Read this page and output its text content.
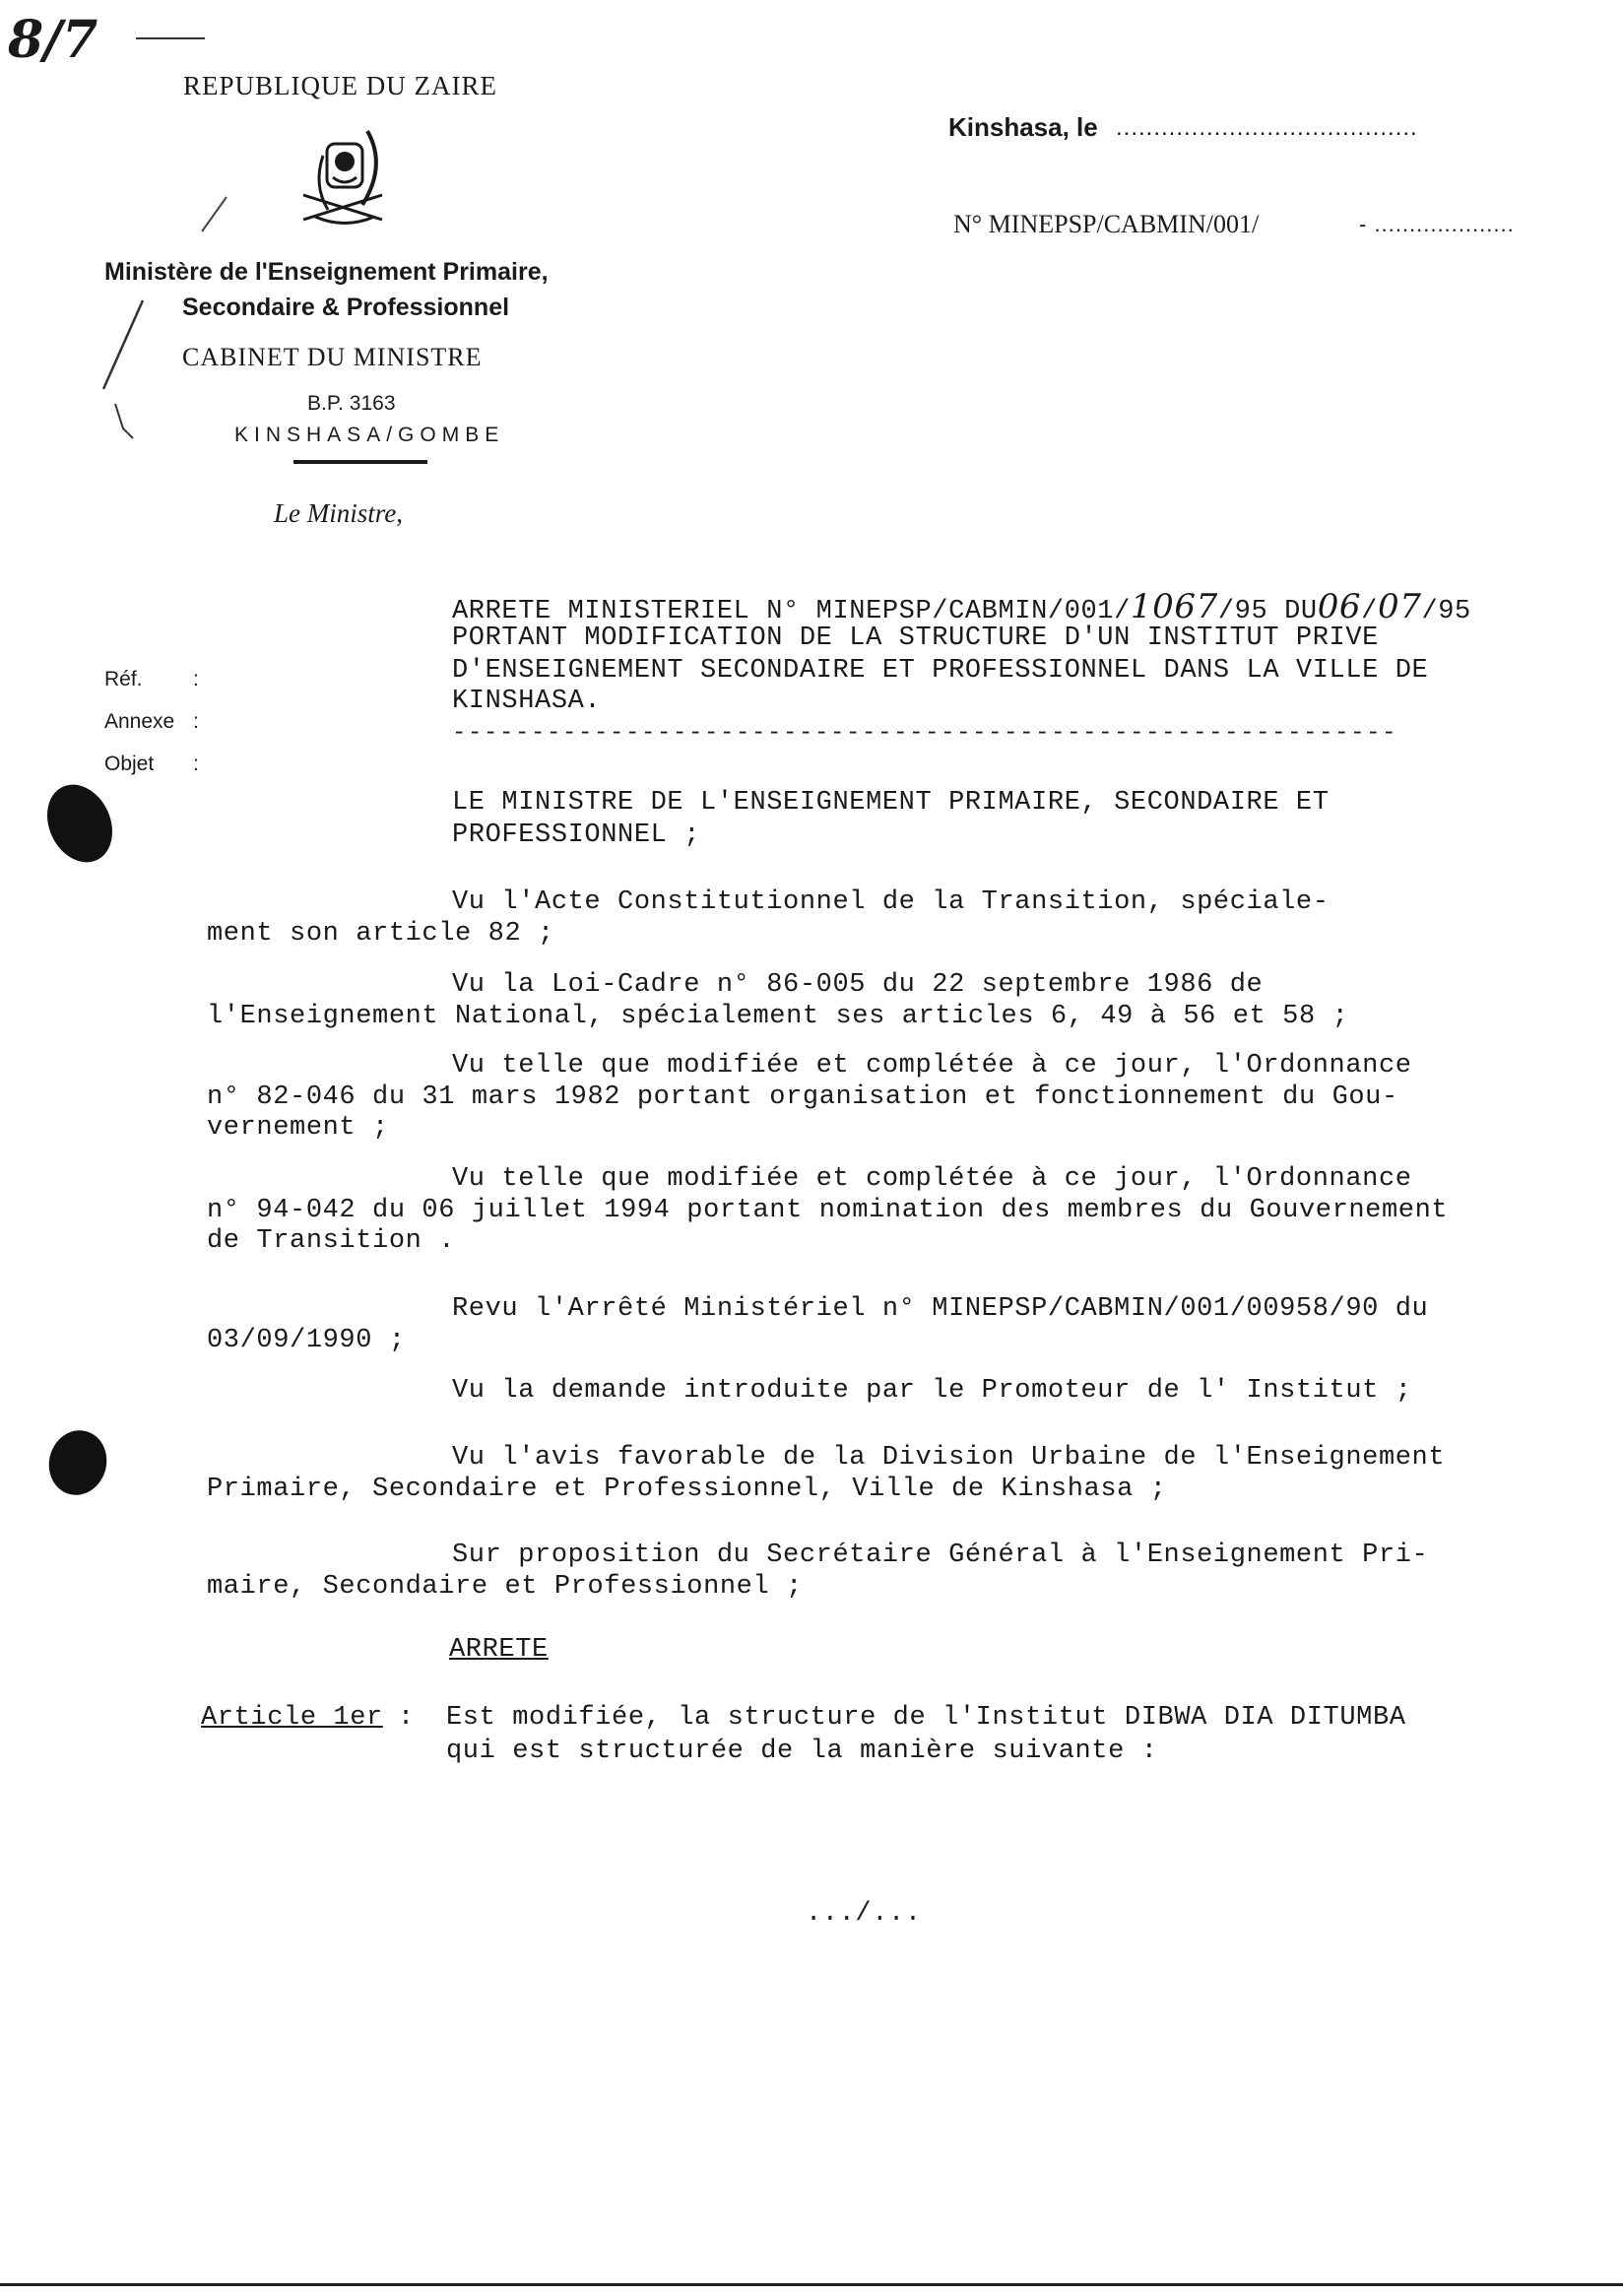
8/7
REPUBLIQUE DU ZAIRE
Ministère de l'Enseignement Primaire,
Secondaire & Professionnel
CABINET DU MINISTRE
B.P. 3163
KINSHASA/GOMBE
Le Ministre,
Kinshasa, le ........................................
N° MINEPSP/CABMIN/001/	- ....................
Réf. :
Annexe :
Objet :
ARRETE MINISTERIEL N° MINEPSP/CABMIN/001/1067/95 DU06/07/95
PORTANT MODIFICATION DE LA STRUCTURE D'UN INSTITUT PRIVE
D'ENSEIGNEMENT SECONDAIRE ET PROFESSIONNEL DANS LA VILLE DE
KINSHASA.
------------------------------------------------------------
LE MINISTRE DE L'ENSEIGNEMENT PRIMAIRE, SECONDAIRE ET
PROFESSIONNEL ;
Vu l'Acte Constitutionnel de la Transition, spéciale-
ment son article 82 ;
Vu la Loi-Cadre n° 86-005 du 22 septembre 1986 de
l'Enseignement National, spécialement ses articles 6, 49 à 56 et 58 ;
Vu telle que modifiée et complétée à ce jour, l'Ordonnance
n° 82-046 du 31 mars 1982 portant organisation et fonctionnement du Gou-
vernement ;
Vu telle que modifiée et complétée à ce jour, l'Ordonnance
n° 94-042 du 06 juillet 1994 portant nomination des membres du Gouvernement
de Transition .
Revu l'Arrêté Ministériel n° MINEPSP/CABMIN/001/00958/90 du
03/09/1990 ;
Vu la demande introduite par le Promoteur de l' Institut ;
Vu l'avis favorable de la Division Urbaine de l'Enseignement
Primaire, Secondaire et Professionnel, Ville de Kinshasa ;
Sur proposition du Secrétaire Général à l'Enseignement Pri-
maire, Secondaire et Professionnel ;
ARRETE
Article 1er : Est modifiée, la structure de l'Institut DIBWA DIA DITUMBA
qui est structurée de la manière suivante :
.../...
